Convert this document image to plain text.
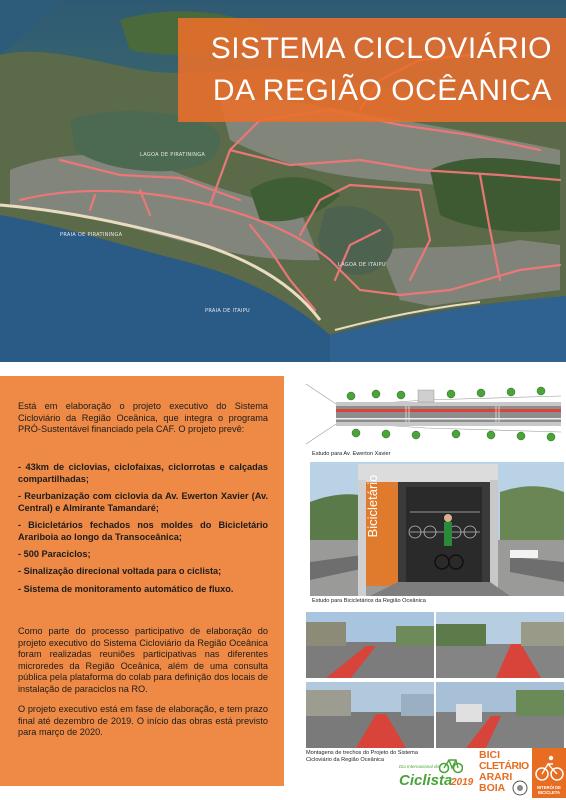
LAGOA DE PIRATININGA
LAGOA DE ITAIPU
PRAIA DE PIRATININGA
PRAIA DE ITAIPU
SISTEMA CICLOVIÁRIO
DA REGIÃO OCÊANICA
Está em elaboração o projeto executivo do Sistema Cicloviário da Região Oceânica, que integra o programa PRÓ-Sustentável financiado pela CAF. O projeto prevê:
- 43km de ciclovias, ciclofaixas, ciclorrotas e calçadas compartilhadas;
- Reurbanização com ciclovia da Av. Ewerton Xavier (Av. Central) e Almirante Tamandaré;
- Bicicletários fechados nos moldes do Bicicletário Arariboia ao longo da Transoceânica;
- 500 Paraciclos;
- Sinalização direcional voltada para o ciclista;
- Sistema de monitoramento automático de fluxo.
Como parte do processo participativo de elaboração do projeto executivo do Sistema Cicloviário da Região Oceânica foram realizadas reuniões participativas nas diferentes microredes da Região Oceânica, além de uma consulta pública pela plataforma do colab para definição dos locais de instalação de paraciclos na RO.
O projeto executivo está em fase de elaboração, e tem prazo final até dezembro de 2019. O início das obras está previsto para março de 2020.
Estudo para Av. Ewerton Xavier
Bicicletário
Estudo para Bicicletários da Região Oceânica
Montagens de trechos do Projeto do Sistema
Cicloviário da Região Oceânica
Dia Internacional do
Ciclista
2019
BICI
CLETÁRIO
ARARI
BOIA	NITERÓI DE BICICLETA
